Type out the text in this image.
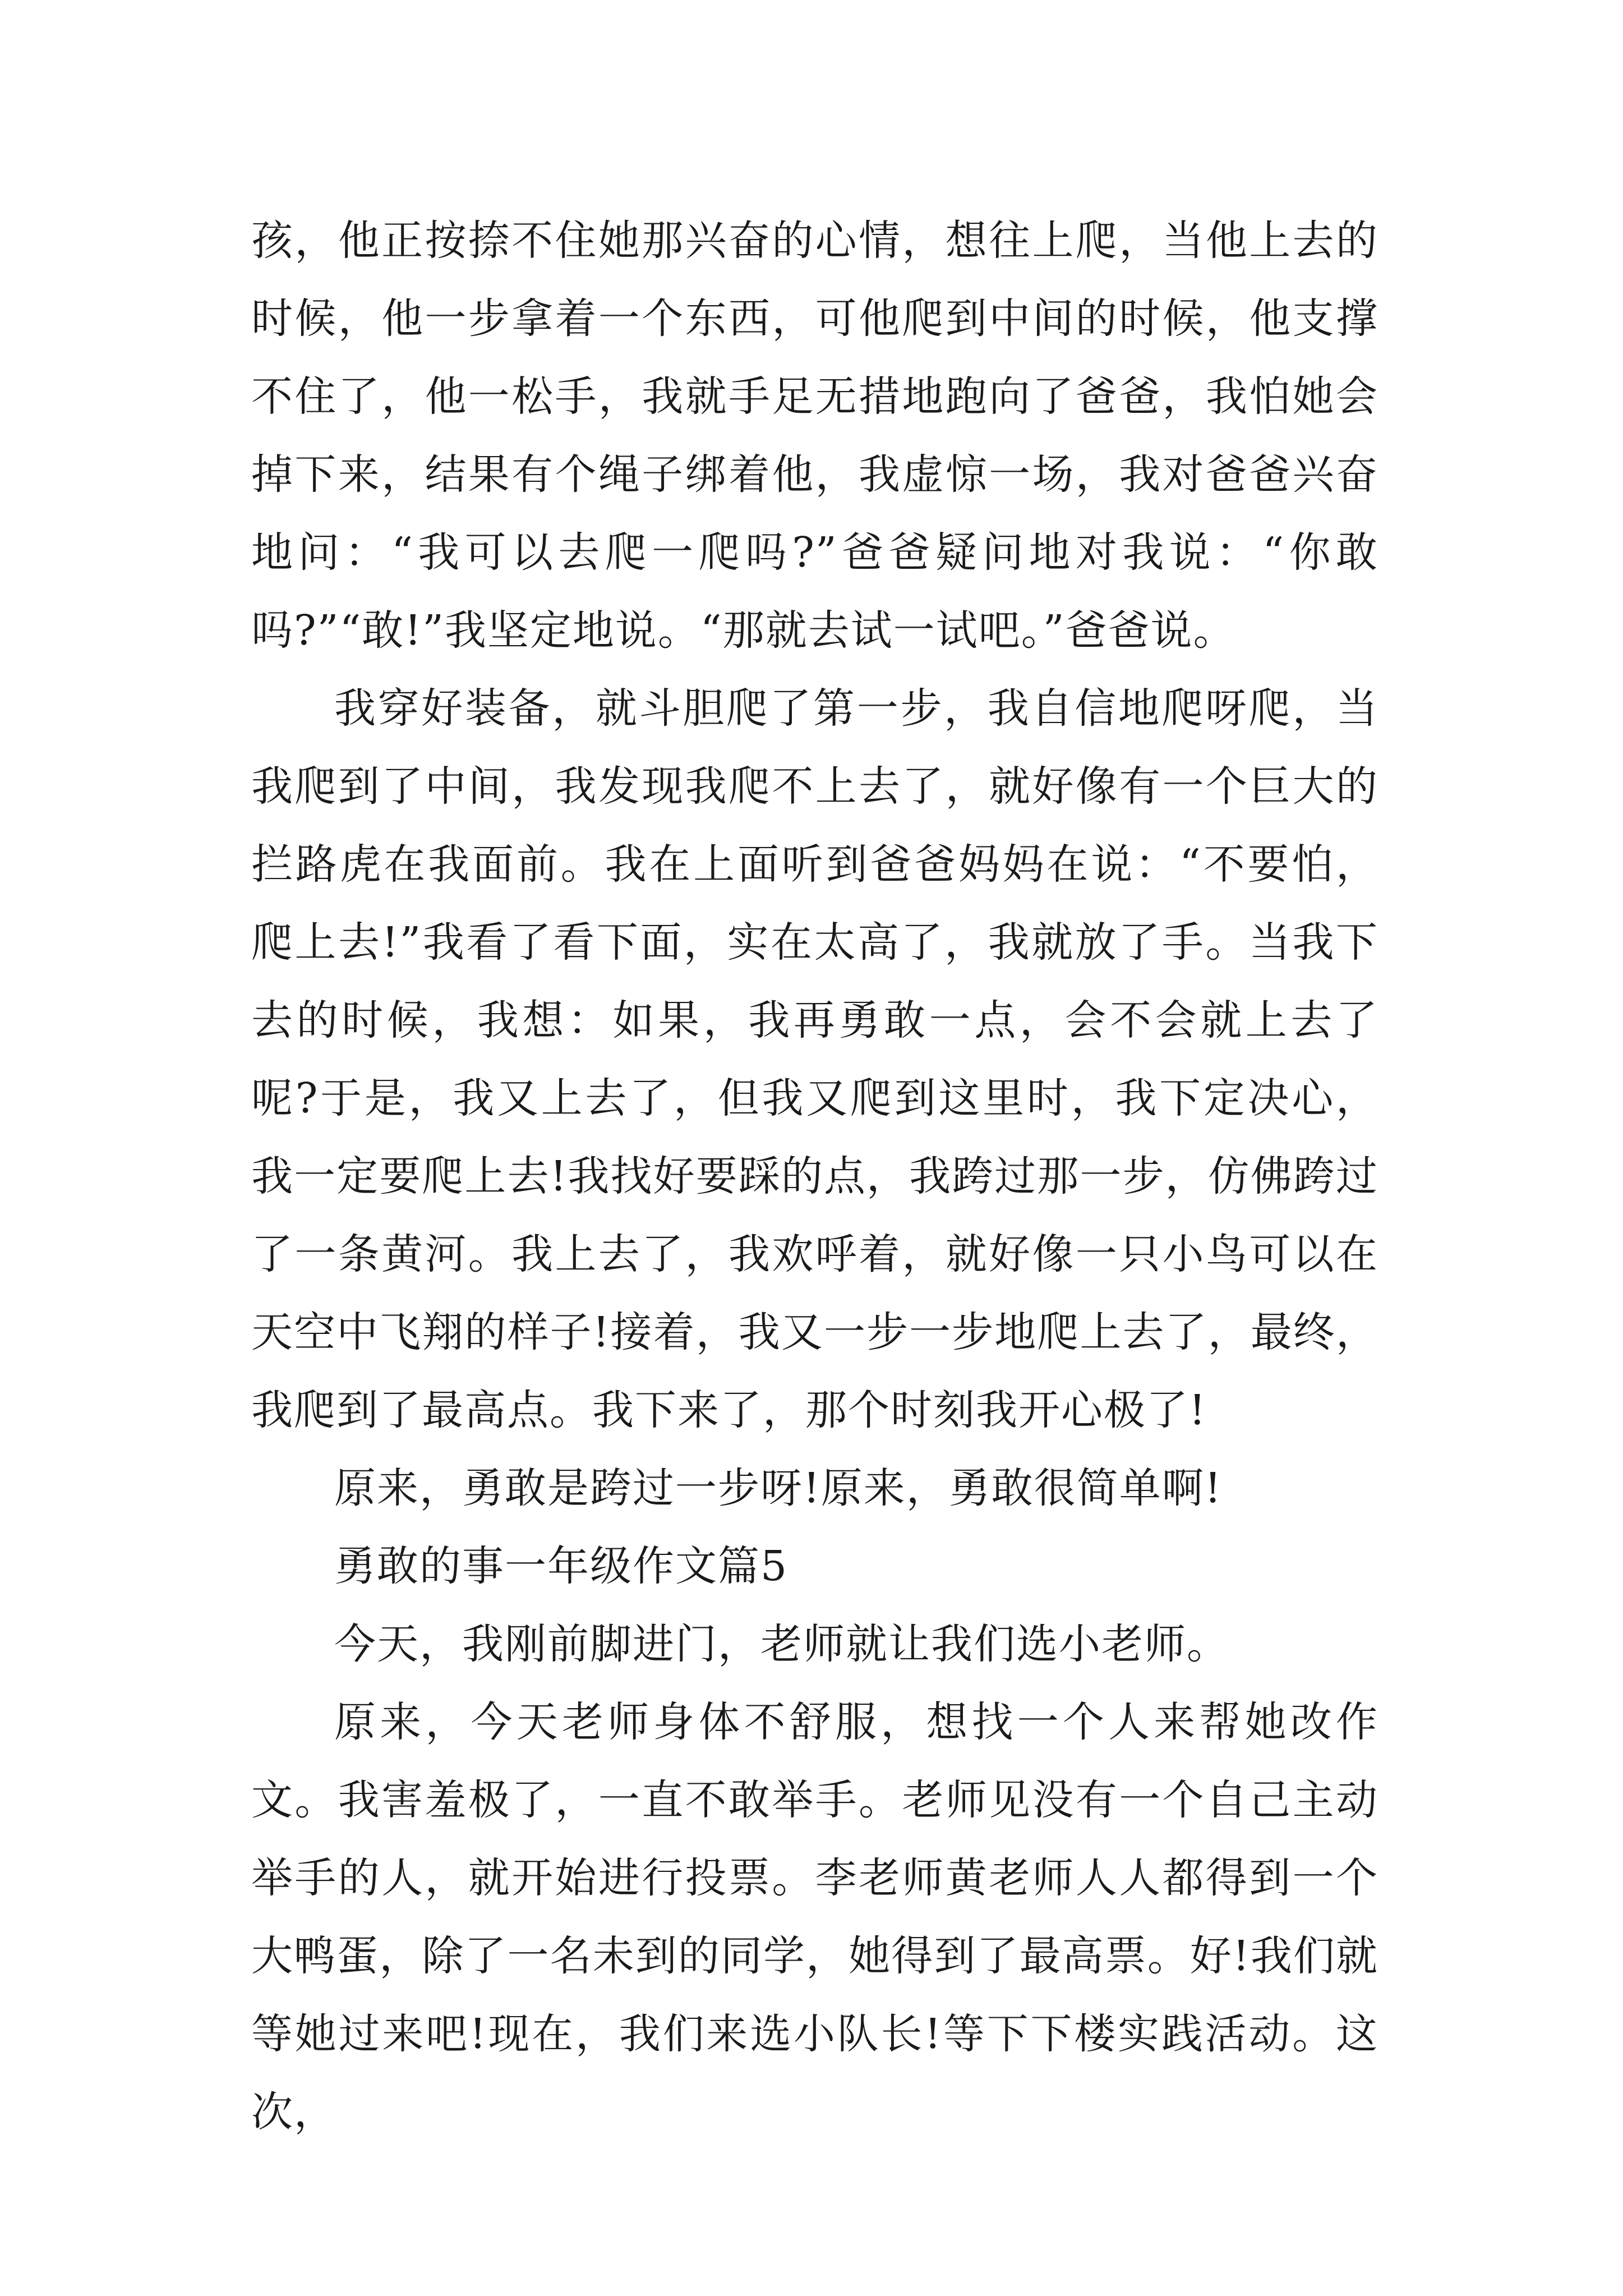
孩，他正按捺不住她那兴奋的心情，想往上爬，当他上去的时候，他一步拿着一个东西，可他爬到中间的时候，他支撑不住了，他一松手，我就手足无措地跑向了爸爸，我怕她会掉下来，结果有个绳子绑着他，我虚惊一场，我对爸爸兴奋地问：“我可以去爬一爬吗?”爸爸疑问地对我说：“你敢吗?”“敢!”我坚定地说。“那就去试一试吧。”爸爸说。

我穿好装备，就斗胆爬了第一步，我自信地爬呀爬，当我爬到了中间，我发现我爬不上去了，就好像有一个巨大的拦路虎在我面前。我在上面听到爸爸妈妈在说：“不要怕，爬上去!”我看了看下面，实在太高了，我就放了手。当我下去的时候，我想：如果，我再勇敢一点，会不会就上去了呢?于是，我又上去了，但我又爬到这里时，我下定决心，我一定要爬上去!我找好要踩的点，我跨过那一步，仿佛跨过了一条黄河。我上去了，我欢呼着，就好像一只小鸟可以在天空中飞翔的样子!接着，我又一步一步地爬上去了，最终，我爬到了最高点。我下来了，那个时刻我开心极了!

原来，勇敢是跨过一步呀!原来，勇敢很简单啊!

勇敢的事一年级作文篇5

今天，我刚前脚进门，老师就让我们选小老师。

原来，今天老师身体不舒服，想找一个人来帮她改作文。我害羞极了，一直不敢举手。老师见没有一个自己主动举手的人，就开始进行投票。李老师黄老师人人都得到一个大鸭蛋，除了一名未到的同学，她得到了最高票。好!我们就等她过来吧!现在，我们来选小队长!等下下楼实践活动。这次，
